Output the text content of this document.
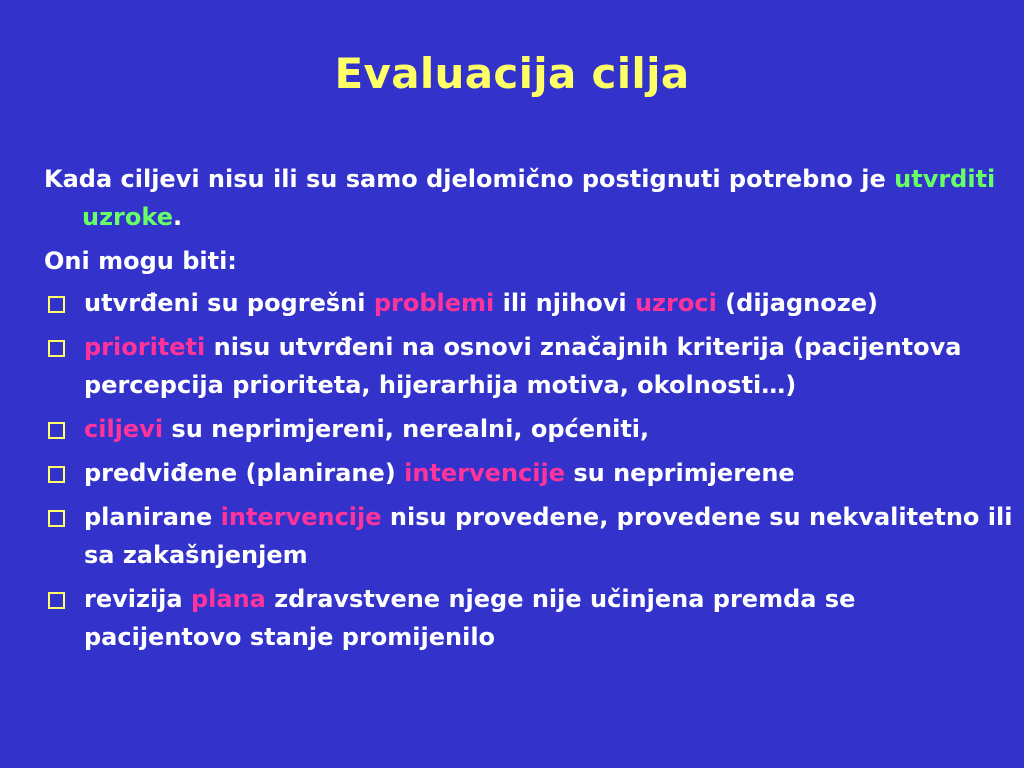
Evaluacija cilja

Kada ciljevi nisu ili su samo djelomično postignuti potrebno je utvrditi uzroke.

Oni mogu biti:

utvrđeni su pogrešni problemi ili njihovi uzroci (dijagnoze)
prioriteti nisu utvrđeni na osnovi značajnih kriterija (pacijentova percepcija prioriteta, hijerarhija motiva, okolnosti…)
ciljevi su neprimjereni, nerealni, općeniti,
predviđene (planirane) intervencije su neprimjerene
planirane intervencije nisu provedene, provedene su nekvalitetno ili sa zakašnjenjem
revizija plana zdravstvene njege nije učinjena premda se pacijentovo stanje promijenilo
